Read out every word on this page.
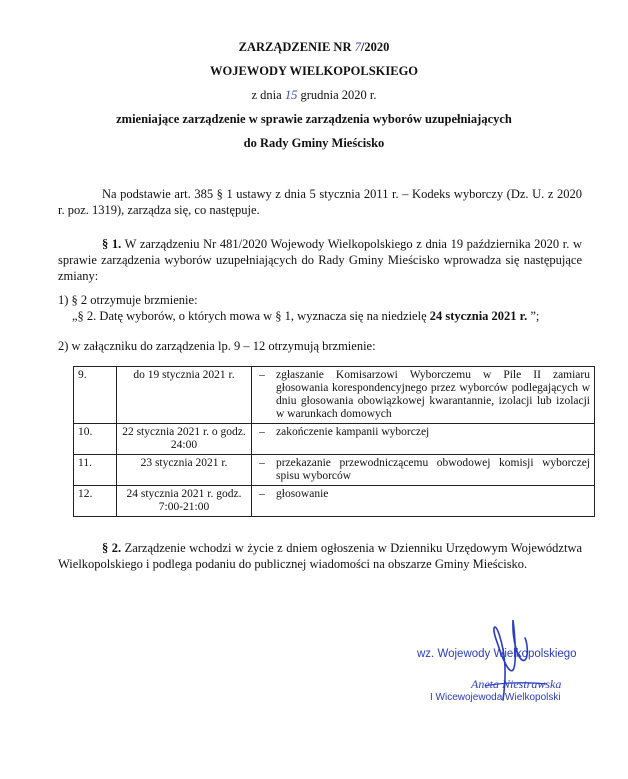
ZARZĄDZENIE NR 7/2020
WOJEWODY WIELKOPOLSKIEGO
z dnia 15 grudnia 2020 r.
zmieniające zarządzenie w sprawie zarządzenia wyborów uzupełniających
do Rady Gminy Mieścisko
Na podstawie art. 385 § 1 ustawy z dnia 5 stycznia 2011 r. – Kodeks wyborczy (Dz. U. z 2020 r. poz. 1319), zarządza się, co następuje.
§ 1. W zarządzeniu Nr 481/2020 Wojewody Wielkopolskiego z dnia 19 października 2020 r. w sprawie zarządzenia wyborów uzupełniających do Rady Gminy Mieścisko wprowadza się następujące zmiany:
1) § 2 otrzymuje brzmienie:
„§ 2. Datę wyborów, o których mowa w § 1, wyznacza się na niedzielę 24 stycznia 2021 r. ”;
2) w załączniku do zarządzenia lp. 9 – 12 otrzymują brzmienie:
9.	do 19 stycznia 2021 r.	–	zgłaszanie Komisarzowi Wyborczemu w Pile II zamiaru głosowania korespondencyjnego przez wyborców podlegających w dniu głosowania obowiązkowej kwarantannie, izolacji lub izolacji w warunkach domowych
10.	22 stycznia 2021 r. o godz. 24:00	–	zakończenie kampanii wyborczej
11.	23 stycznia 2021 r.	–	przekazanie przewodniczącemu obwodowej komisji wyborczej spisu wyborców
12.	24 stycznia 2021 r. godz. 7:00-21:00	–	głosowanie
§ 2. Zarządzenie wchodzi w życie z dniem ogłoszenia w Dzienniku Urzędowym Województwa Wielkopolskiego i podlega podaniu do publicznej wiadomości na obszarze Gminy Mieścisko.
wz. Wojewody Wielkopolskiego
Aneta Niestrawska
I Wicewojewoda Wielkopolski
